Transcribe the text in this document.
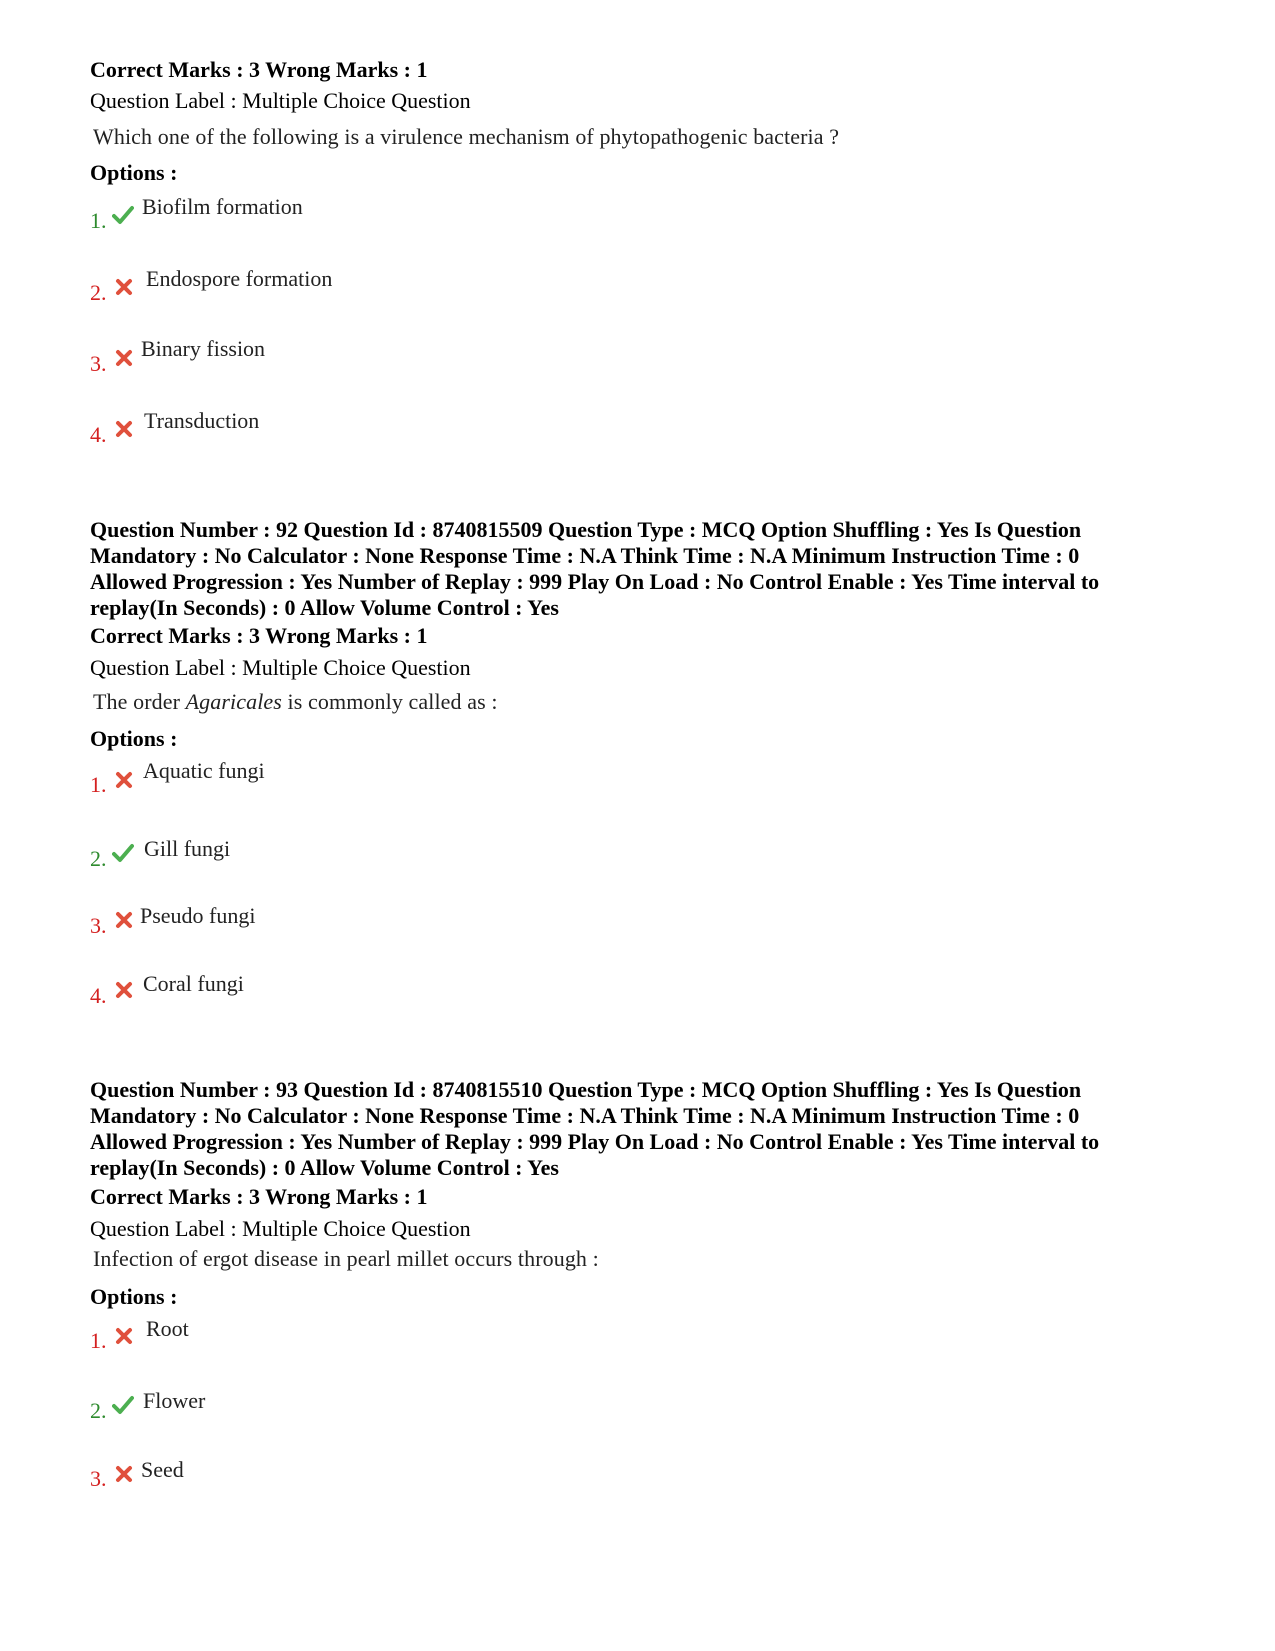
Correct Marks : 3 Wrong Marks : 1
Question Label : Multiple Choice Question
Which one of the following is a virulence mechanism of phytopathogenic bacteria ?
Options :
1.
Biofilm formation
2.
Endospore formation
3.
Binary fission
4.
Transduction
Question Number : 92 Question Id : 8740815509 Question Type : MCQ Option Shuffling : Yes Is Question
Mandatory : No Calculator : None Response Time : N.A Think Time : N.A Minimum Instruction Time : 0
Allowed Progression : Yes Number of Replay : 999 Play On Load : No Control Enable : Yes Time interval to
replay(In Seconds) : 0 Allow Volume Control : Yes
Correct Marks : 3 Wrong Marks : 1
Question Label : Multiple Choice Question
The order Agaricales is commonly called as :
Options :
1.
Aquatic fungi
2. Gill fungi
3. Pseudo fungi
4. Coral fungi
Question Number : 93 Question Id : 8740815510 Question Type : MCQ Option Shuffling : Yes Is Question
Mandatory : No Calculator : None Response Time : N.A Think Time : N.A Minimum Instruction Time : 0
Allowed Progression : Yes Number of Replay : 999 Play On Load : No Control Enable : Yes Time interval to
replay(In Seconds) : 0 Allow Volume Control : Yes
Correct Marks : 3 Wrong Marks : 1
Question Label : Multiple Choice Question
Infection of ergot disease in pearl millet occurs through :
Options :
1. Root
2. Flower
3. Seed
